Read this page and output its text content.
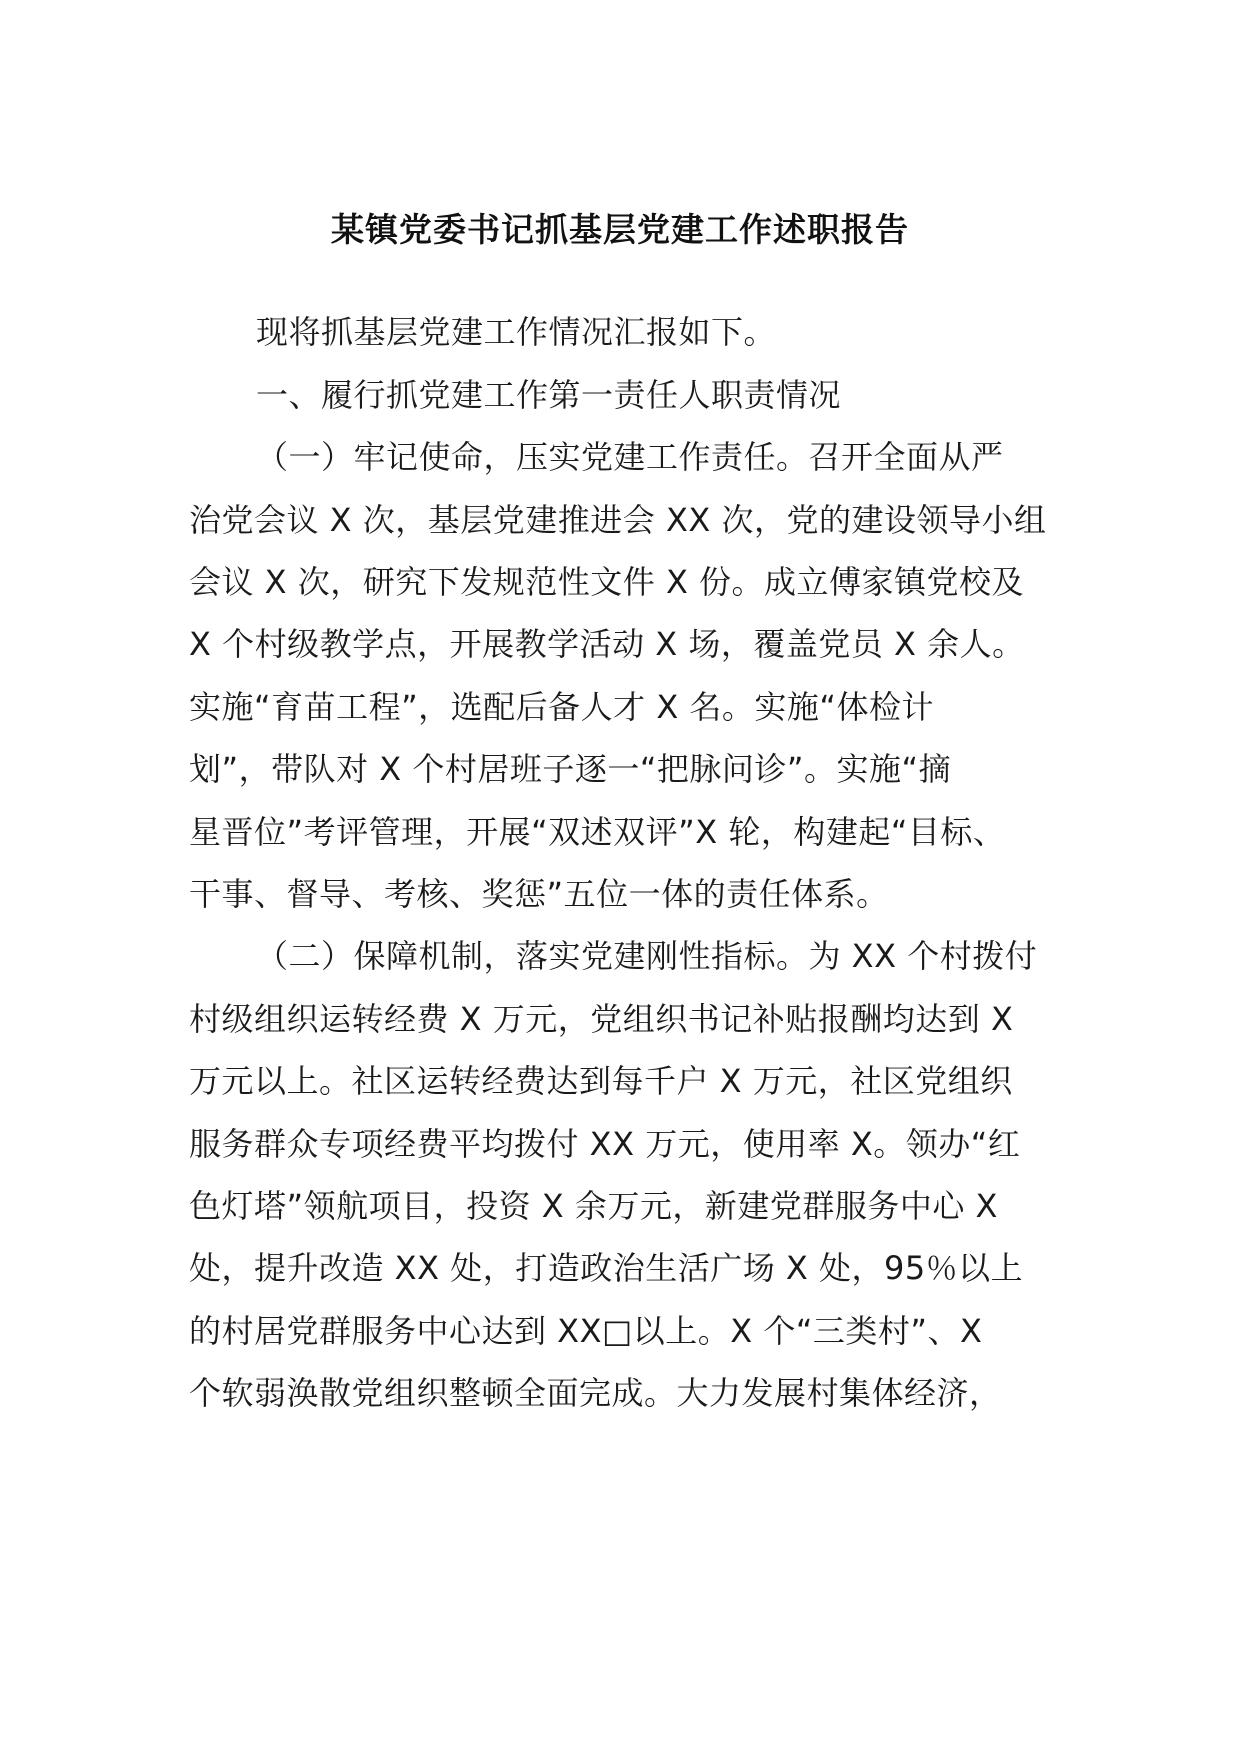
某镇党委书记抓基层党建工作述职报告
现将抓基层党建工作情况汇报如下。
一、履行抓党建工作第一责任人职责情况
（一）牢记使命，压实党建工作责任。召开全面从严
治党会议 X 次，基层党建推进会 XX 次，党的建设领导小组
会议 X 次，研究下发规范性文件 X 份。成立傅家镇党校及
X 个村级教学点，开展教学活动 X 场，覆盖党员 X 余人。
实施“育苗工程”，选配后备人才 X 名。实施“体检计
划”，带队对 X 个村居班子逐一“把脉问诊”。实施“摘
星晋位”考评管理，开展“双述双评”X 轮，构建起“目标、
干事、督导、考核、奖惩”五位一体的责任体系。
（二）保障机制，落实党建刚性指标。为 XX 个村拨付
村级组织运转经费 X 万元，党组织书记补贴报酬均达到 X
万元以上。社区运转经费达到每千户 X 万元，社区党组织
服务群众专项经费平均拨付 XX 万元，使用率 X。领办“红
色灯塔”领航项目，投资 X 余万元，新建党群服务中心 X
处，提升改造 XX 处，打造政治生活广场 X 处，95％以上
的村居党群服务中心达到 XX□以上。X 个“三类村”、X
个软弱涣散党组织整顿全面完成。大力发展村集体经济，
